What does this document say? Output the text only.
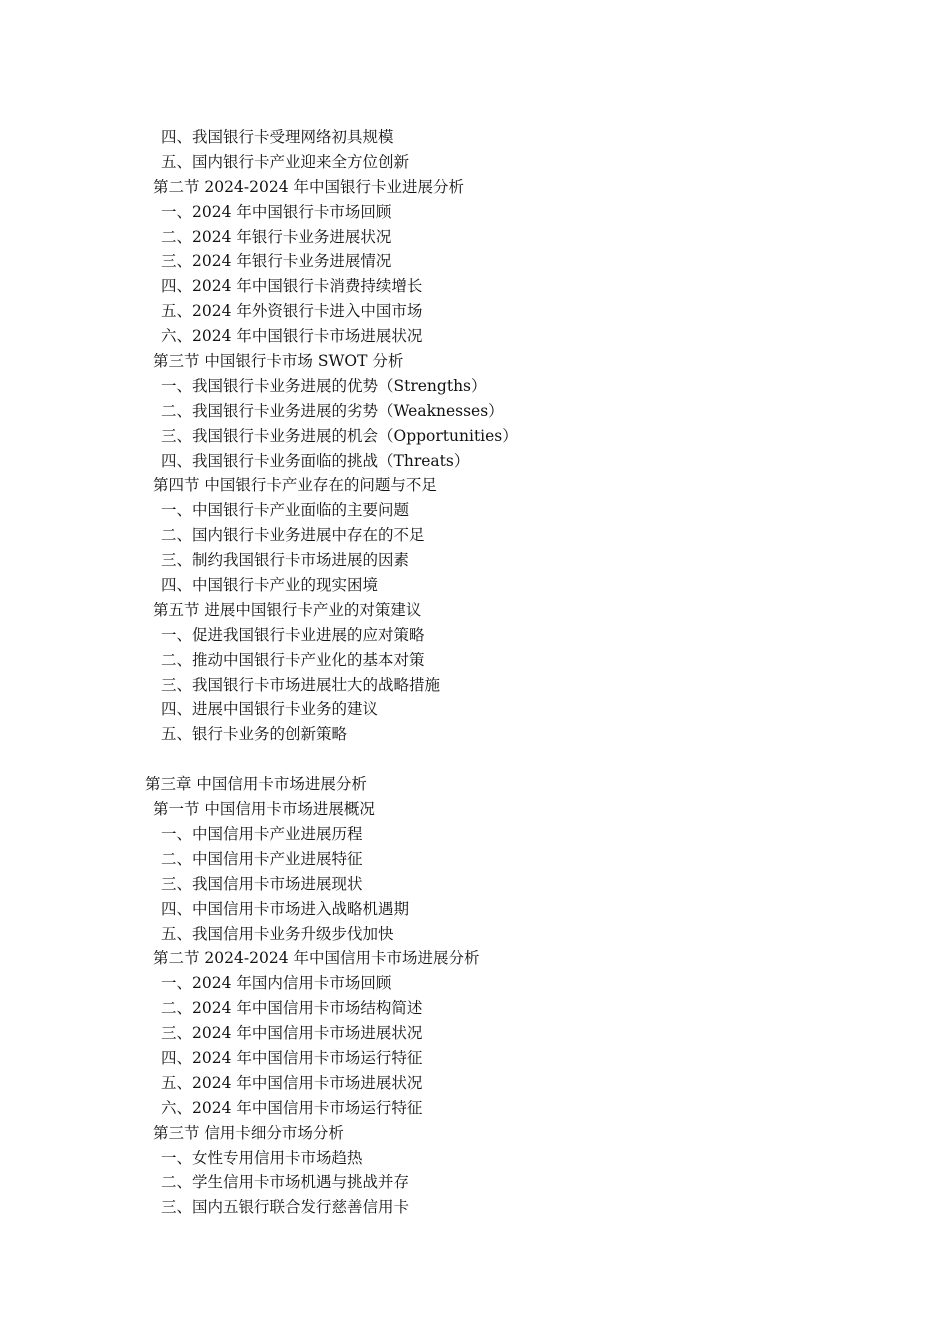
四、我国银行卡受理网络初具规模
五、国内银行卡产业迎来全方位创新
第二节 2024-2024 年中国银行卡业进展分析
一、2024 年中国银行卡市场回顾
二、2024 年银行卡业务进展状况
三、2024 年银行卡业务进展情况
四、2024 年中国银行卡消费持续增长
五、2024 年外资银行卡进入中国市场
六、2024 年中国银行卡市场进展状况
第三节 中国银行卡市场 SWOT 分析
一、我国银行卡业务进展的优势（Strengths）
二、我国银行卡业务进展的劣势（Weaknesses）
三、我国银行卡业务进展的机会（Opportunities）
四、我国银行卡业务面临的挑战（Threats）
第四节 中国银行卡产业存在的问题与不足
一、中国银行卡产业面临的主要问题
二、国内银行卡业务进展中存在的不足
三、制约我国银行卡市场进展的因素
四、中国银行卡产业的现实困境
第五节 进展中国银行卡产业的对策建议
一、促进我国银行卡业进展的应对策略
二、推动中国银行卡产业化的基本对策
三、我国银行卡市场进展壮大的战略措施
四、进展中国银行卡业务的建议
五、银行卡业务的创新策略
第三章 中国信用卡市场进展分析
第一节 中国信用卡市场进展概况
一、中国信用卡产业进展历程
二、中国信用卡产业进展特征
三、我国信用卡市场进展现状
四、中国信用卡市场进入战略机遇期
五、我国信用卡业务升级步伐加快
第二节 2024-2024 年中国信用卡市场进展分析
一、2024 年国内信用卡市场回顾
二、2024 年中国信用卡市场结构简述
三、2024 年中国信用卡市场进展状况
四、2024 年中国信用卡市场运行特征
五、2024 年中国信用卡市场进展状况
六、2024 年中国信用卡市场运行特征
第三节 信用卡细分市场分析
一、女性专用信用卡市场趋热
二、学生信用卡市场机遇与挑战并存
三、国内五银行联合发行慈善信用卡
